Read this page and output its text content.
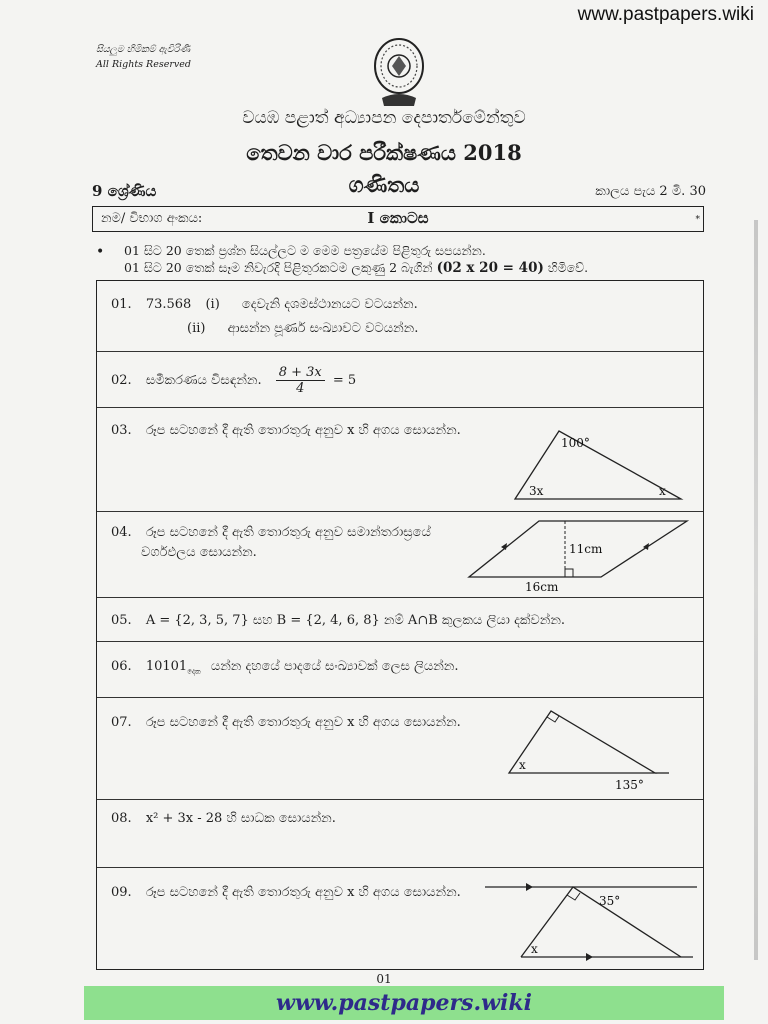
www.pastpapers.wiki
සියලුම හිමිකම් ඇවිරිණි
All Rights Reserved
වයඹ පළාත් අධ්‍යාපන දෙපාර්තමේන්තුව
තෙවන වාර පරීක්ෂණය 2018
ගණිතය
9 ශ්‍රේණිය	කාලය පැය 2 මි. 30
නම/ විභාග අංකය:	I කොටස	*
• 01 සිට 20 තෙක් ප්‍රශ්න සියල්ලට ම මෙම පත්‍රයේම පිළිතුරු සපයන්න.
01 සිට 20 තෙක් සෑම නිවැරදි පිළිතුරකටම ලකුණු 2 බැගින් (02 x 20 = 40) හිමිවේ.
01. 73.568 (i) දෙවැනි දශමස්ථානයට වටයන්න.
(ii) ආසන්න පූර්ණ සංඛ්‍යාවට වටයන්න.
02. සමීකරණය විසඳන්න. $\frac{8 + 3x}{4} = 5$
03. රූප සටහනේ දී ඇති තොරතුරු අනුව x හි අගය සොයන්න.
100°
3x	x
04. රූප සටහනේ දී ඇති තොරතුරු අනුව සමාන්තරාස්‍රයේ
වර්ගඵලය සොයන්න.	11cm
16cm
05. A = {2, 3, 5, 7} සහ B = {2, 4, 6, 8} නම් A∩B කුලකය ලියා දක්වන්න.
06. $10101_{දෙක}$ යන්න දහයේ පාදයේ සංඛ්‍යාවක් ලෙස ලියන්න.
07. රූප සටහනේ දී ඇති තොරතුරු අනුව x හි අගය සොයන්න.
x
135°
08. x² + 3x - 28 හි සාධක සොයන්න.
09. රූප සටහනේ දී ඇති තොරතුරු අනුව x හි අගය සොයන්න.
35°
x
01
www.pastpapers.wiki
